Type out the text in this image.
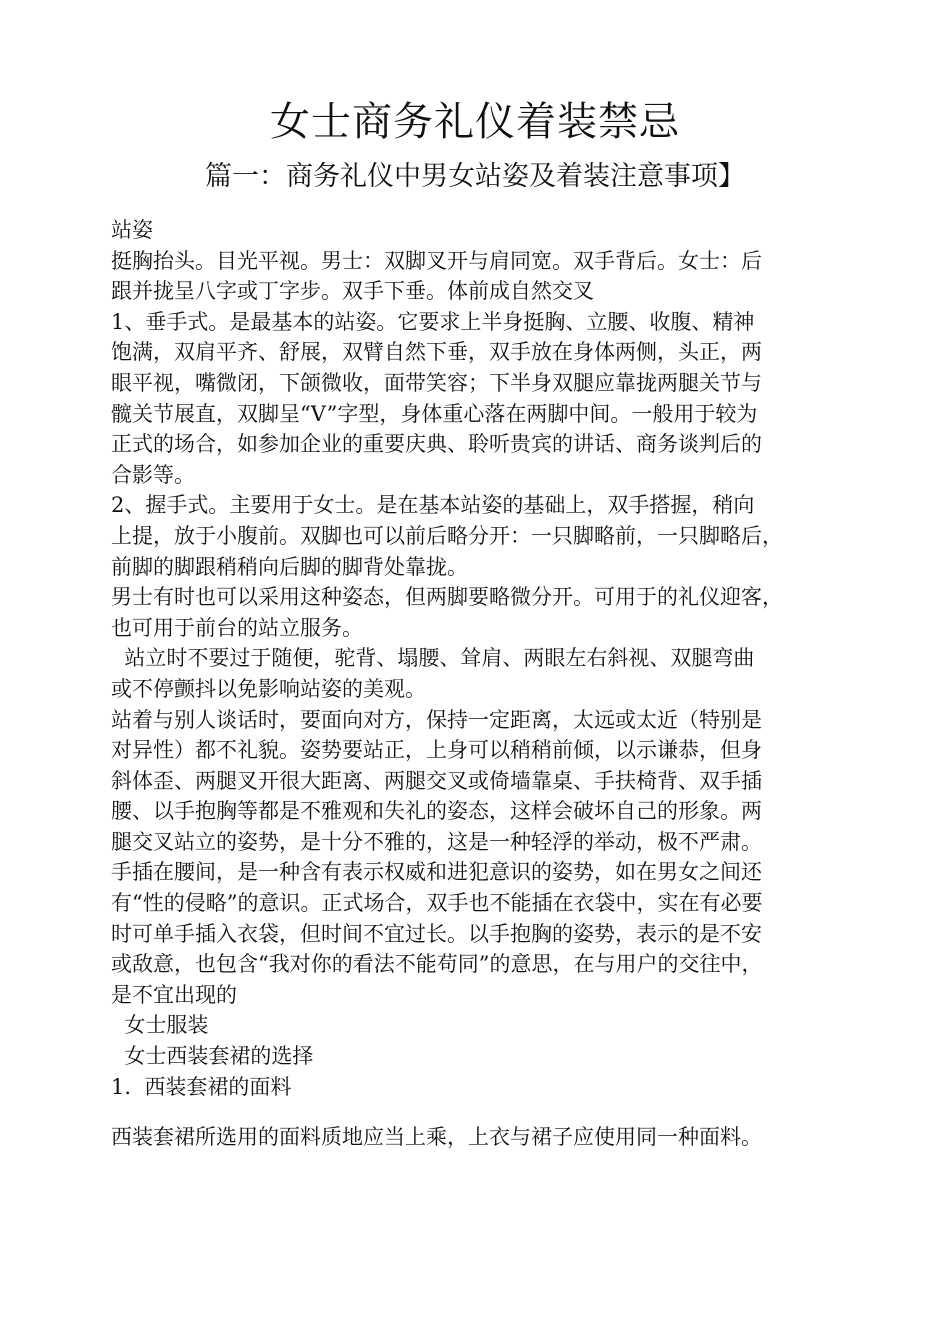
女士商务礼仪着装禁忌
篇一：商务礼仪中男女站姿及着装注意事项】
站姿
挺胸抬头。目光平视。男士：双脚叉开与肩同宽。双手背后。女士：后
跟并拢呈八字或丁字步。双手下垂。体前成自然交叉
1、垂手式。是最基本的站姿。它要求上半身挺胸、立腰、收腹、精神
饱满，双肩平齐、舒展，双臂自然下垂，双手放在身体两侧，头正，两
眼平视，嘴微闭，下颌微收，面带笑容；下半身双腿应靠拢两腿关节与
髋关节展直，双脚呈“V”字型，身体重心落在两脚中间。一般用于较为
正式的场合，如参加企业的重要庆典、聆听贵宾的讲话、商务谈判后的
合影等。
2、握手式。主要用于女士。是在基本站姿的基础上，双手搭握，稍向
上提，放于小腹前。双脚也可以前后略分开：一只脚略前，一只脚略后，
前脚的脚跟稍稍向后脚的脚背处靠拢。
男士有时也可以采用这种姿态，但两脚要略微分开。可用于的礼仪迎客，
也可用于前台的站立服务。
站立时不要过于随便，驼背、塌腰、耸肩、两眼左右斜视、双腿弯曲
或不停颤抖以免影响站姿的美观。
站着与别人谈话时，要面向对方，保持一定距离，太远或太近（特别是
对异性）都不礼貌。姿势要站正，上身可以稍稍前倾，以示谦恭，但身
斜体歪、两腿叉开很大距离、两腿交叉或倚墙靠桌、手扶椅背、双手插
腰、以手抱胸等都是不雅观和失礼的姿态，这样会破坏自己的形象。两
腿交叉站立的姿势，是十分不雅的，这是一种轻浮的举动，极不严肃。
手插在腰间，是一种含有表示权威和进犯意识的姿势，如在男女之间还
有“性的侵略”的意识。正式场合，双手也不能插在衣袋中，实在有必要
时可单手插入衣袋，但时间不宜过长。以手抱胸的姿势，表示的是不安
或敌意，也包含“我对你的看法不能苟同”的意思，在与用户的交往中，
是不宜出现的
女士服装
女士西装套裙的选择
1.  西装套裙的面料
西装套裙所选用的面料质地应当上乘，上衣与裙子应使用同一种面料。
